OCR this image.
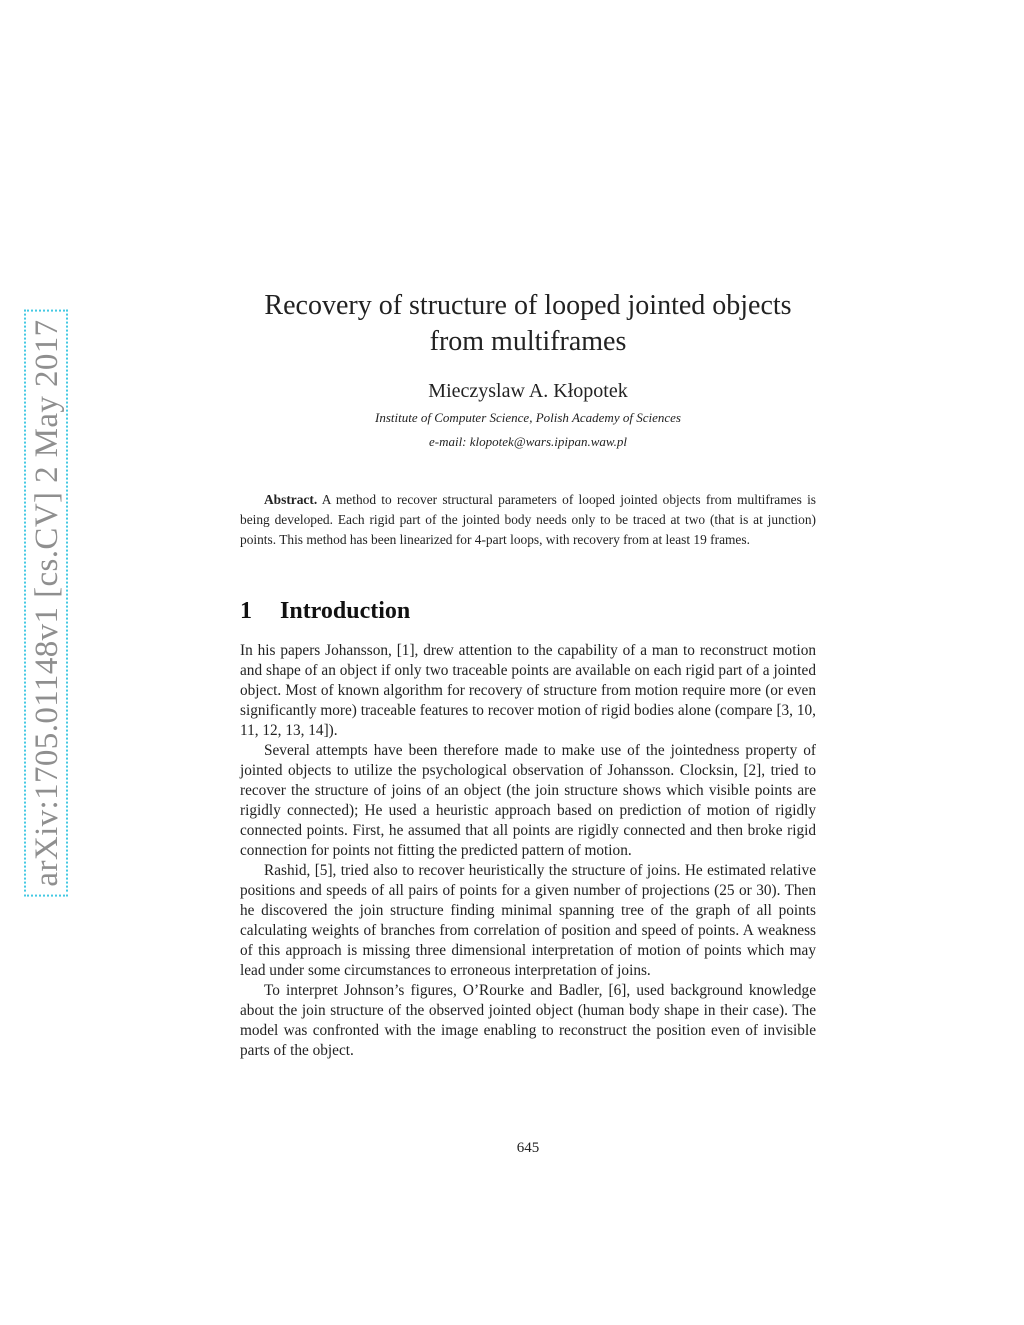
arXiv:1705.01148v1 [cs.CV] 2 May 2017
Recovery of structure of looped jointed objects
from multiframes
Mieczyslaw A. Kłopotek
Institute of Computer Science, Polish Academy of Sciences
e-mail: klopotek@wars.ipipan.waw.pl
Abstract. A method to recover structural parameters of looped jointed objects from multiframes is being developed. Each rigid part of the jointed body needs only to be traced at two (that is at junction) points. This method has been linearized for 4-part loops, with recovery from at least 19 frames.
1 Introduction

In his papers Johansson, [1], drew attention to the capability of a man to reconstruct motion and shape of an object if only two traceable points are available on each rigid part of a jointed object. Most of known algorithm for recovery of structure from motion require more (or even significantly more) traceable features to recover motion of rigid bodies alone (compare [3, 10, 11, 12, 13, 14]).

Several attempts have been therefore made to make use of the jointedness property of jointed objects to utilize the psychological observation of Johansson. Clocksin, [2], tried to recover the structure of joins of an object (the join structure shows which visible points are rigidly connected); He used a heuristic approach based on prediction of motion of rigidly connected points. First, he assumed that all points are rigidly connected and then broke rigid connection for points not fitting the predicted pattern of motion.

Rashid, [5], tried also to recover heuristically the structure of joins. He estimated relative positions and speeds of all pairs of points for a given number of projections (25 or 30). Then he discovered the join structure finding minimal spanning tree of the graph of all points calculating weights of branches from correlation of position and speed of points. A weakness of this approach is missing three dimensional interpretation of motion of points which may lead under some circumstances to erroneous interpretation of joins.

To interpret Johnson’s figures, O’Rourke and Badler, [6], used background knowledge about the join structure of the observed jointed object (human body shape in their case). The model was confronted with the image enabling to reconstruct the position even of invisible parts of the object.

645
